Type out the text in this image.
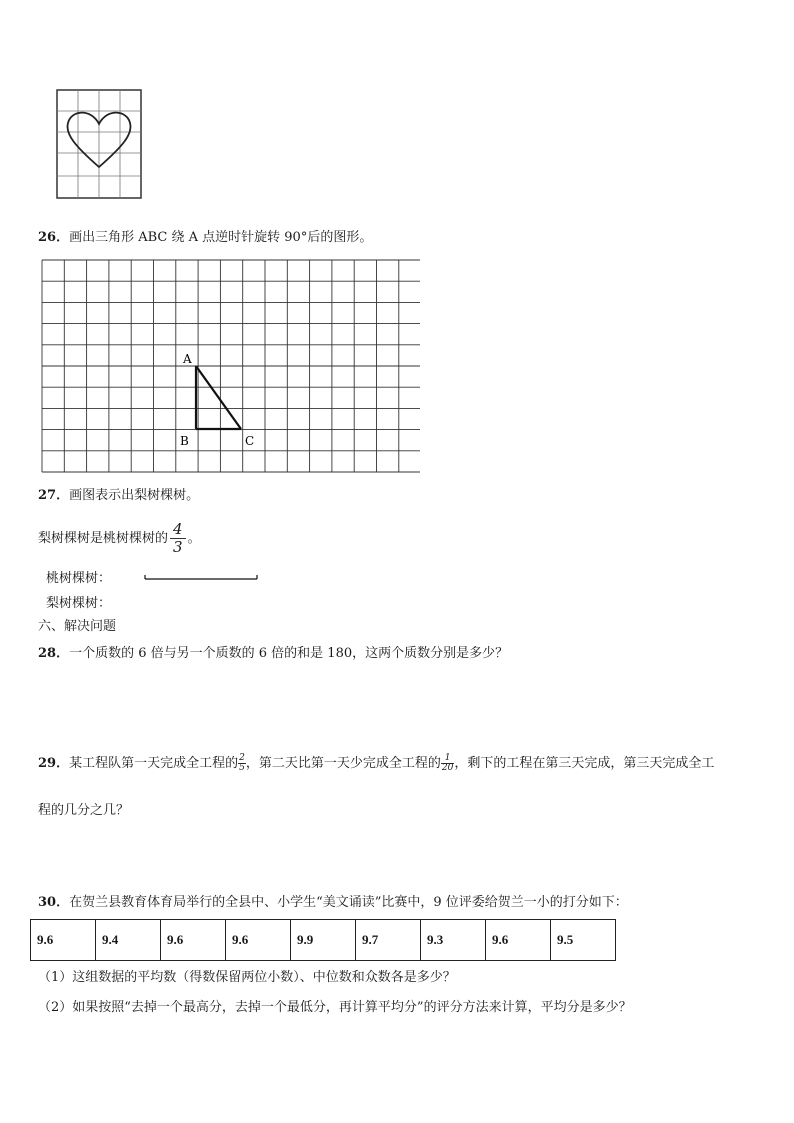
26．画出三角形 ABC 绕 A 点逆时针旋转 90°后的图形。
A
B	C
27．画图表示出梨树棵树。
梨树棵树是桃树棵树的 $\frac{4}{3}$ 。
桃树棵树：
梨树棵树：
六、解决问题
28．一个质数的 6 倍与另一个质数的 6 倍的和是 180，这两个质数分别是多少？
29．某工程队第一天完成全工程的 $\frac{2}{5}$ ，第二天比第一天少完成全工程的 $\frac{1}{20}$ ，剩下的工程在第三天完成，第三天完成全工
程的几分之几？
30．在贺兰县教育体育局举行的全县中、小学生“美文诵读”比赛中，9 位评委给贺兰一小的打分如下：
9.6	9.4	9.6	9.6	9.9	9.7	9.3	9.6	9.5
（1）这组数据的平均数（得数保留两位小数）、中位数和众数各是多少？
（2）如果按照“去掉一个最高分，去掉一个最低分，再计算平均分”的评分方法来计算，平均分是多少？
